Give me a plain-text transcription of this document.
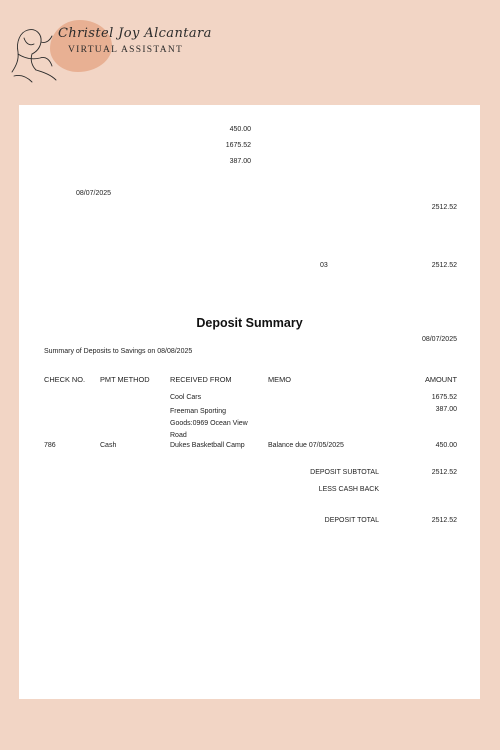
Christel Joy Alcantara
VIRTUAL ASSISTANT
450.00
1675.52
387.00
08/07/2025
2512.52
03	2512.52
Deposit Summary
08/07/2025
Summary of Deposits to Savings on 08/08/2025
CHECK NO. PMT METHOD	RECEIVED FROM	MEMO	AMOUNT
Cool Cars	1675.52
Freeman Sporting Goods:0969 Ocean View Road
387.00
786	Cash	Dukes Basketball Camp	Balance due 07/05/2025	450.00
DEPOSIT SUBTOTAL	2512.52
LESS CASH BACK
DEPOSIT TOTAL	2512.52
